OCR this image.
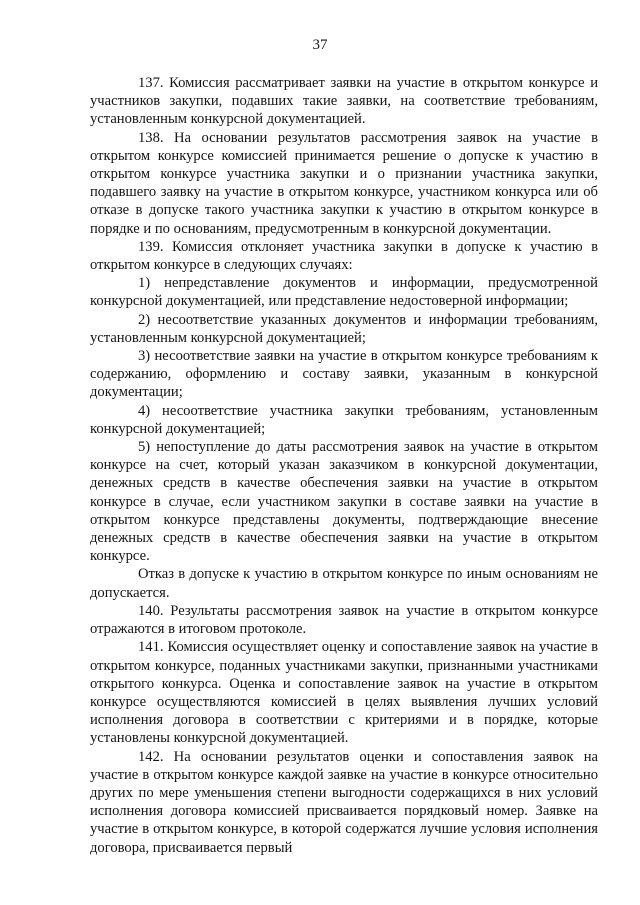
37

137. Комиссия рассматривает заявки на участие в открытом конкурсе и участников закупки, подавших такие заявки, на соответствие требованиям, установленным конкурсной документацией.

138. На основании результатов рассмотрения заявок на участие в открытом конкурсе комиссией принимается решение о допуске к участию в открытом конкурсе участника закупки и о признании участника закупки, подавшего заявку на участие в открытом конкурсе, участником конкурса или об отказе в допуске такого участника закупки к участию в открытом конкурсе в порядке и по основаниям, предусмотренным в конкурсной документации.

139. Комиссия отклоняет участника закупки в допуске к участию в открытом конкурсе в следующих случаях:

1) непредставление документов и информации, предусмотренной конкурсной документацией, или представление недостоверной информации;

2) несоответствие указанных документов и информации требованиям, установленным конкурсной документацией;

3) несоответствие заявки на участие в открытом конкурсе требованиям к содержанию, оформлению и составу заявки, указанным в конкурсной документации;

4) несоответствие участника закупки требованиям, установленным конкурсной документацией;

5) непоступление до даты рассмотрения заявок на участие в открытом конкурсе на счет, который указан заказчиком в конкурсной документации, денежных средств в качестве обеспечения заявки на участие в открытом конкурсе в случае, если участником закупки в составе заявки на участие в открытом конкурсе представлены документы, подтверждающие внесение денежных средств в качестве обеспечения заявки на участие в открытом конкурсе.

Отказ в допуске к участию в открытом конкурсе по иным основаниям не допускается.

140. Результаты рассмотрения заявок на участие в открытом конкурсе отражаются в итоговом протоколе.

141. Комиссия осуществляет оценку и сопоставление заявок на участие в открытом конкурсе, поданных участниками закупки, признанными участниками открытого конкурса. Оценка и сопоставление заявок на участие в открытом конкурсе осуществляются комиссией в целях выявления лучших условий исполнения договора в соответствии с критериями и в порядке, которые установлены конкурсной документацией.

142. На основании результатов оценки и сопоставления заявок на участие в открытом конкурсе каждой заявке на участие в конкурсе относительно других по мере уменьшения степени выгодности содержащихся в них условий исполнения договора комиссией присваивается порядковый номер. Заявке на участие в открытом конкурсе, в которой содержатся лучшие условия исполнения договора, присваивается первый
